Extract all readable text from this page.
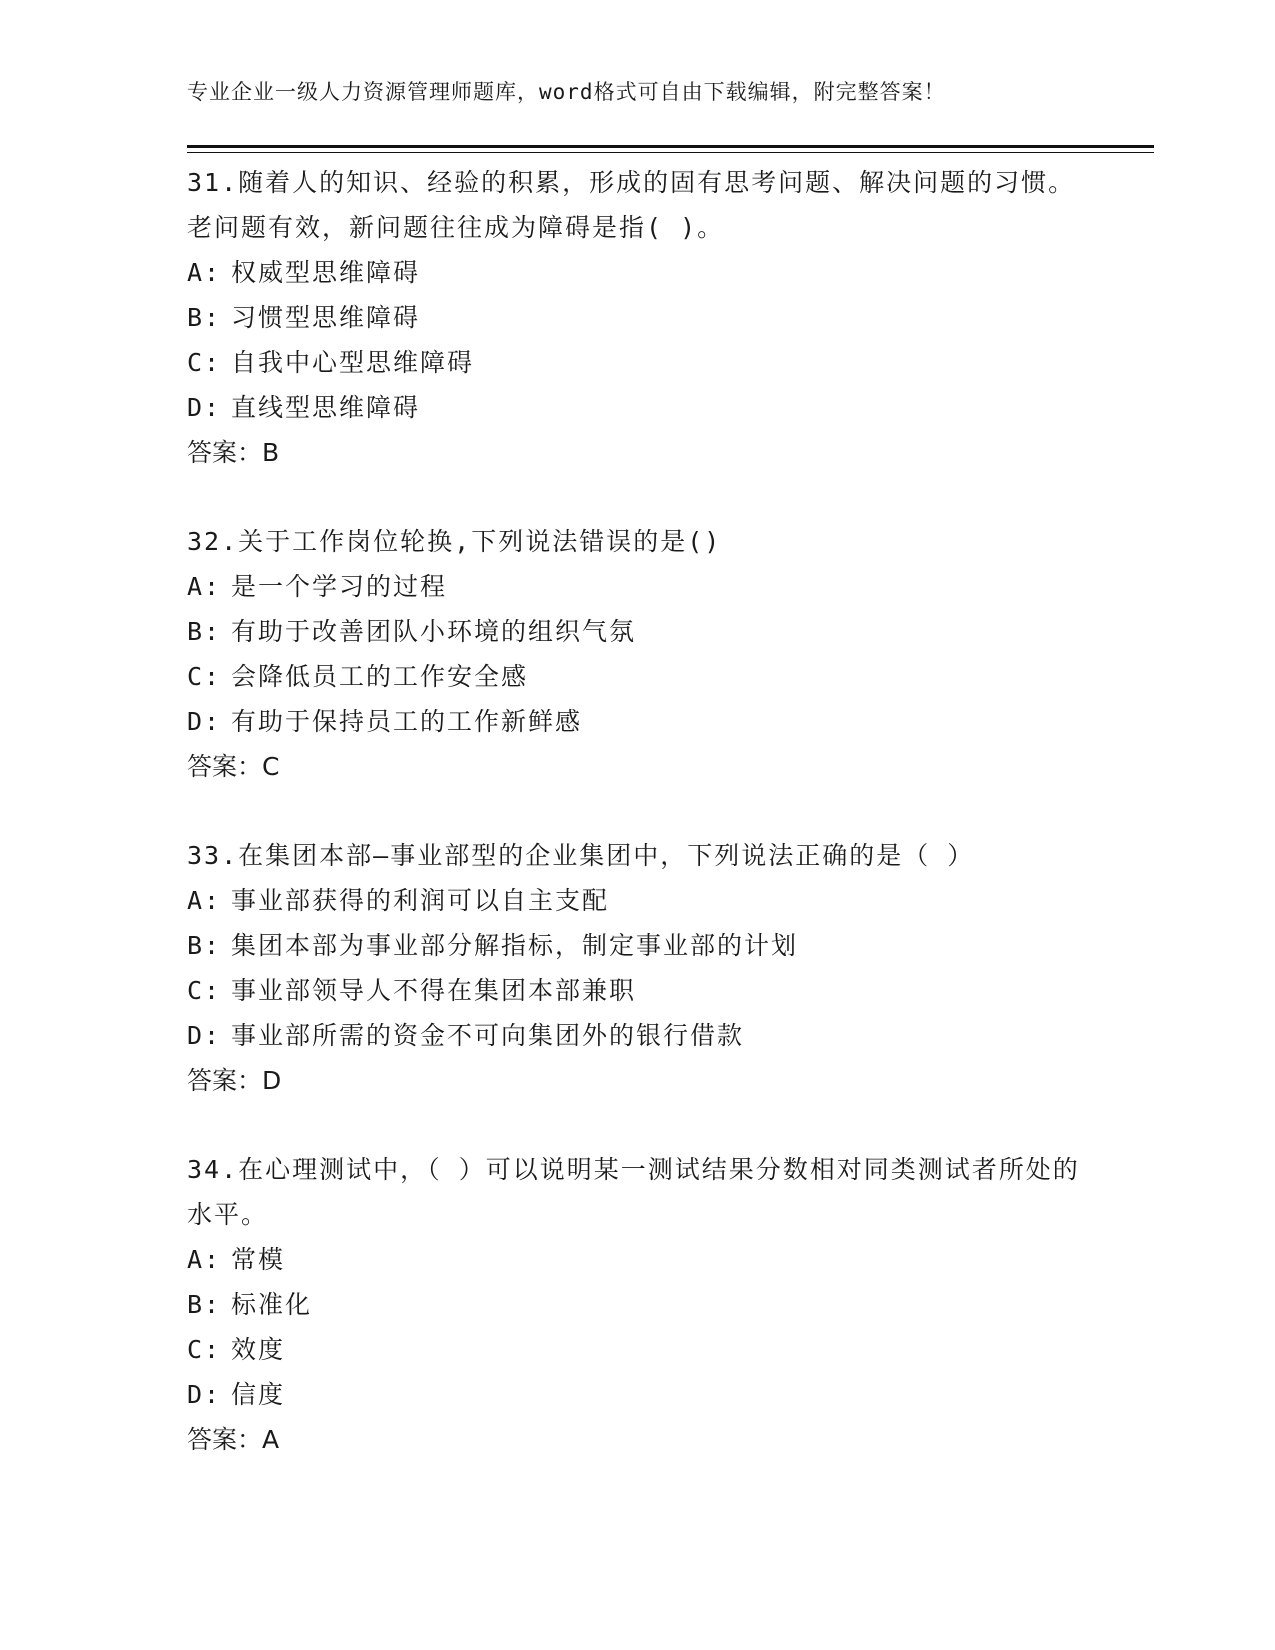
专业企业一级人力资源管理师题库，word格式可自由下载编辑，附完整答案！

31.随着人的知识、经验的积累，形成的固有思考问题、解决问题的习惯。老问题有效，新问题往往成为障碍是指( )。

A: 权威型思维障碍
B: 习惯型思维障碍
C: 自我中心型思维障碍
D: 直线型思维障碍
答案：B

32.关于工作岗位轮换,下列说法错误的是()

A: 是一个学习的过程
B: 有助于改善团队小环境的组织气氛
C: 会降低员工的工作安全感
D: 有助于保持员工的工作新鲜感
答案：C

33.在集团本部—事业部型的企业集团中，下列说法正确的是（ ）

A: 事业部获得的利润可以自主支配
B: 集团本部为事业部分解指标，制定事业部的计划
C: 事业部领导人不得在集团本部兼职
D: 事业部所需的资金不可向集团外的银行借款
答案：D

34.在心理测试中，（ ）可以说明某一测试结果分数相对同类测试者所处的水平。

A: 常模
B: 标准化
C: 效度
D: 信度
答案：A
